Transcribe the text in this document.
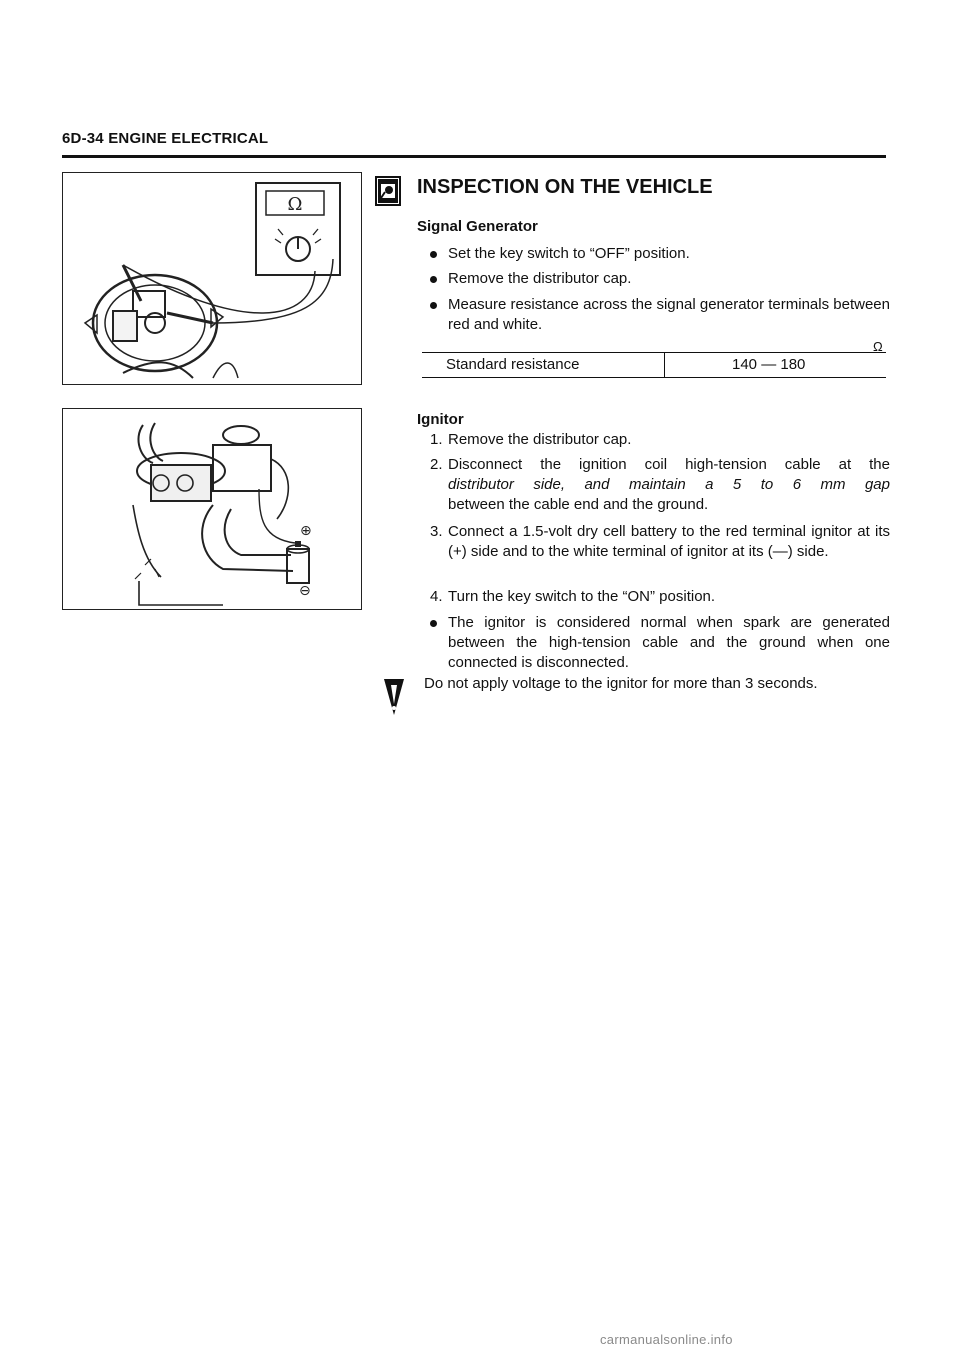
6D-34 ENGINE ELECTRICAL
Ω
⊕
⊖
INSPECTION ON THE VEHICLE
Signal Generator
Set the key switch to “OFF” position.
Remove the distributor cap.
Measure resistance across the signal generator terminals between red and white.
Ω
Standard resistance	140 — 180
Ignitor
1. Remove the distributor cap.
2. Disconnect the ignition coil high-tension cable at the
distributor side, and maintain a 5 to 6 mm gap
between the cable end and the ground.
3. Connect a 1.5-volt dry cell battery to the red terminal ignitor at its (+) side and to the white terminal of ignitor at its (—) side.
4. Turn the key switch to the “ON” position.
The ignitor is considered normal when spark are generated between the high-tension cable and the ground when one connected is disconnected.
Do not apply voltage to the ignitor for more than 3 seconds.
carmanualsonline.info
